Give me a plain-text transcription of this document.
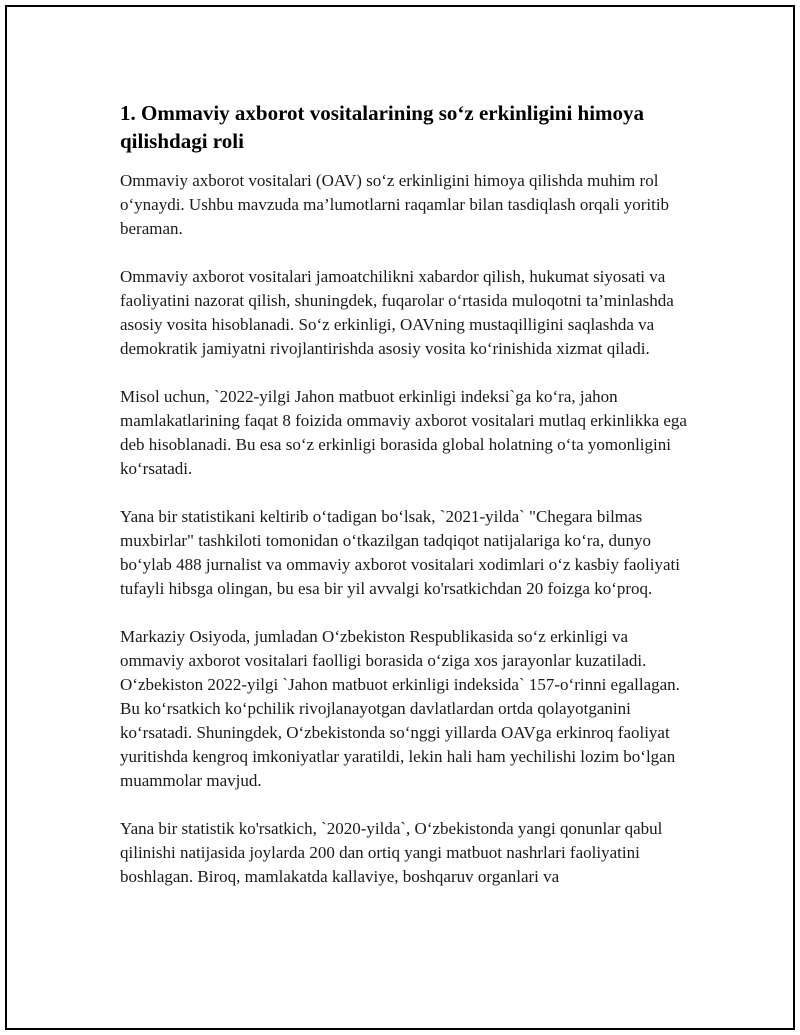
1. Ommaviy axborot vositalarining so‘z erkinligini himoya qilishdagi roli

Ommaviy axborot vositalari (OAV) so‘z erkinligini himoya qilishda muhim rol o‘ynaydi. Ushbu mavzuda ma’lumotlarni raqamlar bilan tasdiqlash orqali yoritib beraman.

Ommaviy axborot vositalari jamoatchilikni xabardor qilish, hukumat siyosati va faoliyatini nazorat qilish, shuningdek, fuqarolar o‘rtasida muloqotni ta’minlashda asosiy vosita hisoblanadi. So‘z erkinligi, OAVning mustaqilligini saqlashda va demokratik jamiyatni rivojlantirishda asosiy vosita ko‘rinishida xizmat qiladi.

Misol uchun, `2022-yilgi Jahon matbuot erkinligi indeksi`ga ko‘ra, jahon mamlakatlarining faqat 8 foizida ommaviy axborot vositalari mutlaq erkinlikka ega deb hisoblanadi. Bu esa so‘z erkinligi borasida global holatning o‘ta yomonligini ko‘rsatadi.

Yana bir statistikani keltirib o‘tadigan bo‘lsak, `2021-yilda` "Chegara bilmas muxbirlar" tashkiloti tomonidan o‘tkazilgan tadqiqot natijalariga ko‘ra, dunyo bo‘ylab 488 jurnalist va ommaviy axborot vositalari xodimlari o‘z kasbiy faoliyati tufayli hibsga olingan, bu esa bir yil avvalgi ko'rsatkichdan 20 foizga ko‘proq.

Markaziy Osiyoda, jumladan O‘zbekiston Respublikasida so‘z erkinligi va ommaviy axborot vositalari faolligi borasida o‘ziga xos jarayonlar kuzatiladi. O‘zbekiston 2022-yilgi `Jahon matbuot erkinligi indeksida` 157-o‘rinni egallagan. Bu ko‘rsatkich ko‘pchilik rivojlanayotgan davlatlardan ortda qolayotganini ko‘rsatadi. Shuningdek, O‘zbekistonda so‘nggi yillarda OAVga erkinroq faoliyat yuritishda kengroq imkoniyatlar yaratildi, lekin hali ham yechilishi lozim bo‘lgan muammolar mavjud.

Yana bir statistik ko'rsatkich, `2020-yilda`, O‘zbekistonda yangi qonunlar qabul qilinishi natijasida joylarda 200 dan ortiq yangi matbuot nashrlari faoliyatini boshlagan. Biroq, mamlakatda kallaviye, boshqaruv organlari va
